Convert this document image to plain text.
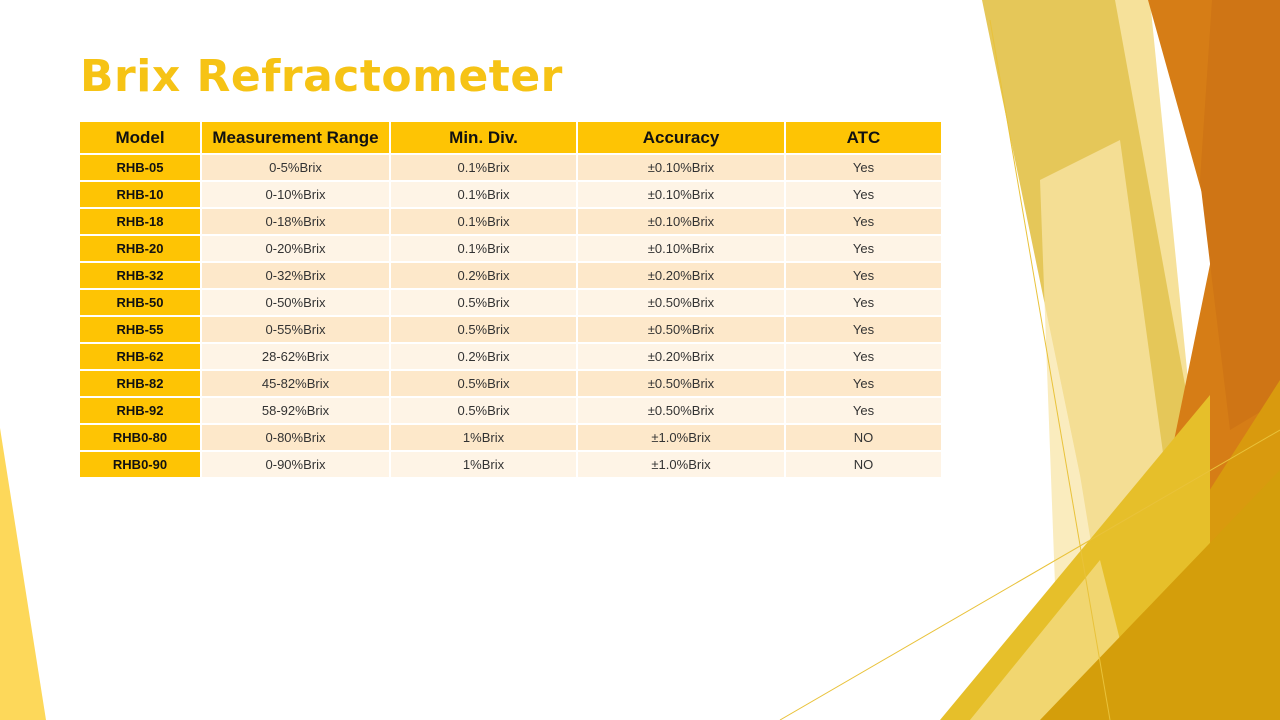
Brix Refractometer
Model	Measurement Range	Min. Div.	Accuracy	ATC
RHB-05	0-5%Brix	0.1%Brix	±0.10%Brix	Yes
RHB-10	0-10%Brix	0.1%Brix	±0.10%Brix	Yes
RHB-18	0-18%Brix	0.1%Brix	±0.10%Brix	Yes
RHB-20	0-20%Brix	0.1%Brix	±0.10%Brix	Yes
RHB-32	0-32%Brix	0.2%Brix	±0.20%Brix	Yes
RHB-50	0-50%Brix	0.5%Brix	±0.50%Brix	Yes
RHB-55	0-55%Brix	0.5%Brix	±0.50%Brix	Yes
RHB-62	28-62%Brix	0.2%Brix	±0.20%Brix	Yes
RHB-82	45-82%Brix	0.5%Brix	±0.50%Brix	Yes
RHB-92	58-92%Brix	0.5%Brix	±0.50%Brix	Yes
RHB0-80	0-80%Brix	1%Brix	±1.0%Brix	NO
RHB0-90	0-90%Brix	1%Brix	±1.0%Brix	NO
